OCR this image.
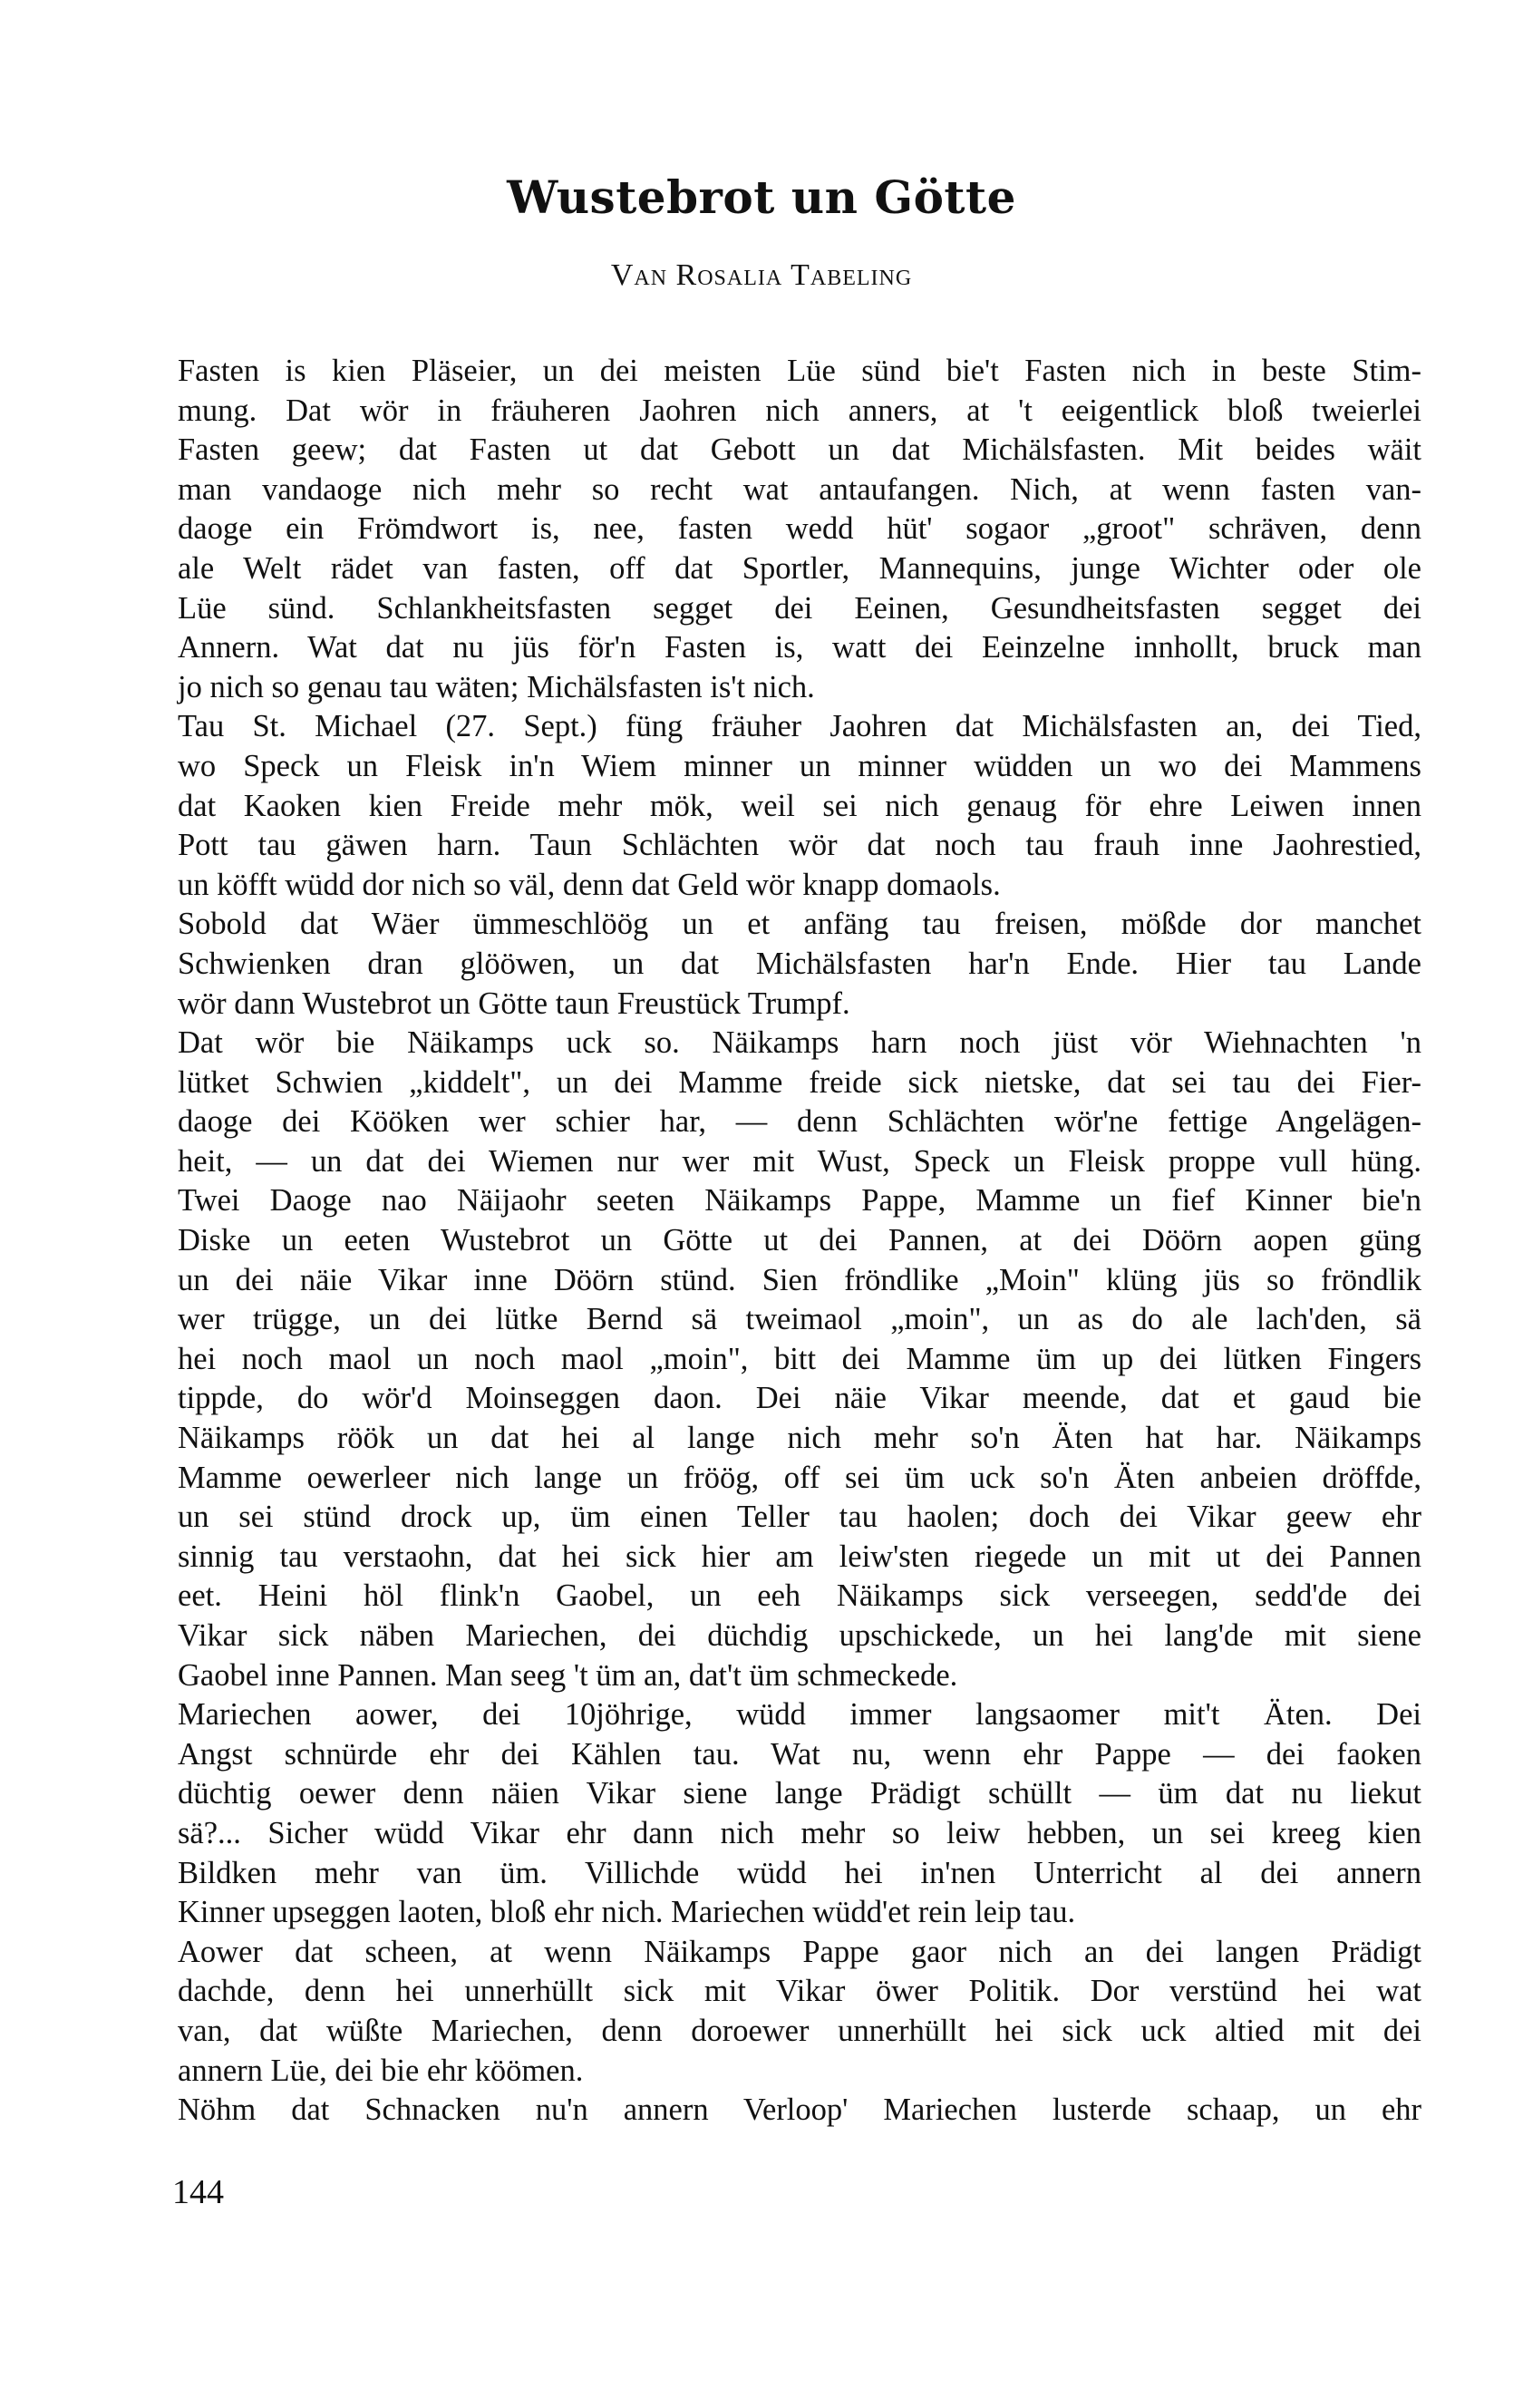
Wustebrot un Götte

Van Rosalia Tabeling

Fasten is kien Pläseier, un dei meisten Lüe sünd bie't Fasten nich in beste Stim-
mung. Dat wör in fräuheren Jaohren nich anners, at 't eeigentlick bloß tweierlei
Fasten geew; dat Fasten ut dat Gebott un dat Michälsfasten. Mit beides wäit
man vandaoge nich mehr so recht wat antaufangen. Nich, at wenn fasten van-
daoge ein Frömdwort is, nee, fasten wedd hüt' sogaor „groot" schräven, denn
ale Welt rädet van fasten, off dat Sportler, Mannequins, junge Wichter oder ole
Lüe sünd. Schlankheitsfasten segget dei Eeinen, Gesundheitsfasten segget dei
Annern. Wat dat nu jüs för'n Fasten is, watt dei Eeinzelne innhollt, bruck man
jo nich so genau tau wäten; Michälsfasten is't nich.
Tau St. Michael (27. Sept.) füng fräuher Jaohren dat Michälsfasten an, dei Tied,
wo Speck un Fleisk in'n Wiem minner un minner wüdden un wo dei Mammens
dat Kaoken kien Freide mehr mök, weil sei nich genaug för ehre Leiwen innen
Pott tau gäwen harn. Taun Schlächten wör dat noch tau frauh inne Jaohrestied,
un köfft wüdd dor nich so väl, denn dat Geld wör knapp domaols.
Sobold dat Wäer ümmeschlöög un et anfäng tau freisen, mößde dor manchet
Schwienken dran glööwen, un dat Michälsfasten har'n Ende. Hier tau Lande
wör dann Wustebrot un Götte taun Freustück Trumpf.
Dat wör bie Näikamps uck so. Näikamps harn noch jüst vör Wiehnachten 'n
lütket Schwien „kiddelt", un dei Mamme freide sick nietske, dat sei tau dei Fier-
daoge dei Kööken wer schier har, — denn Schlächten wör'ne fettige Angelägen-
heit, — un dat dei Wiemen nur wer mit Wust, Speck un Fleisk proppe vull hüng.
Twei Daoge nao Näijaohr seeten Näikamps Pappe, Mamme un fief Kinner bie'n
Diske un eeten Wustebrot un Götte ut dei Pannen, at dei Döörn aopen güng
un dei näie Vikar inne Döörn stünd. Sien fröndlike „Moin" klüng jüs so fröndlik
wer trügge, un dei lütke Bernd sä tweimaol „moin", un as do ale lach'den, sä
hei noch maol un noch maol „moin", bitt dei Mamme üm up dei lütken Fingers
tippde, do wör'd Moinseggen daon. Dei näie Vikar meende, dat et gaud bie
Näikamps röök un dat hei al lange nich mehr so'n Äten hat har. Näikamps
Mamme oewerleer nich lange un fröög, off sei üm uck so'n Äten anbeien dröffde,
un sei stünd drock up, üm einen Teller tau haolen; doch dei Vikar geew ehr
sinnig tau verstaohn, dat hei sick hier am leiw'sten riegede un mit ut dei Pannen
eet. Heini höl flink'n Gaobel, un eeh Näikamps sick verseegen, sedd'de dei
Vikar sick näben Mariechen, dei düchdig upschickede, un hei lang'de mit siene
Gaobel inne Pannen. Man seeg 't üm an, dat't üm schmeckede.
Mariechen aower, dei 10jöhrige, wüdd immer langsaomer mit't Äten. Dei
Angst schnürde ehr dei Kählen tau. Wat nu, wenn ehr Pappe — dei faoken
düchtig oewer denn näien Vikar siene lange Prädigt schüllt — üm dat nu liekut
sä?... Sicher wüdd Vikar ehr dann nich mehr so leiw hebben, un sei kreeg kien
Bildken mehr van üm. Villichde wüdd hei in'nen Unterricht al dei annern
Kinner upseggen laoten, bloß ehr nich. Mariechen wüdd'et rein leip tau.
Aower dat scheen, at wenn Näikamps Pappe gaor nich an dei langen Prädigt
dachde, denn hei unnerhüllt sick mit Vikar öwer Politik. Dor verstünd hei wat
van, dat wüßte Mariechen, denn doroewer unnerhüllt hei sick uck altied mit dei
annern Lüe, dei bie ehr köömen.
Nöhm dat Schnacken nu'n annern Verloop' Mariechen lusterde schaap, un ehr

144
